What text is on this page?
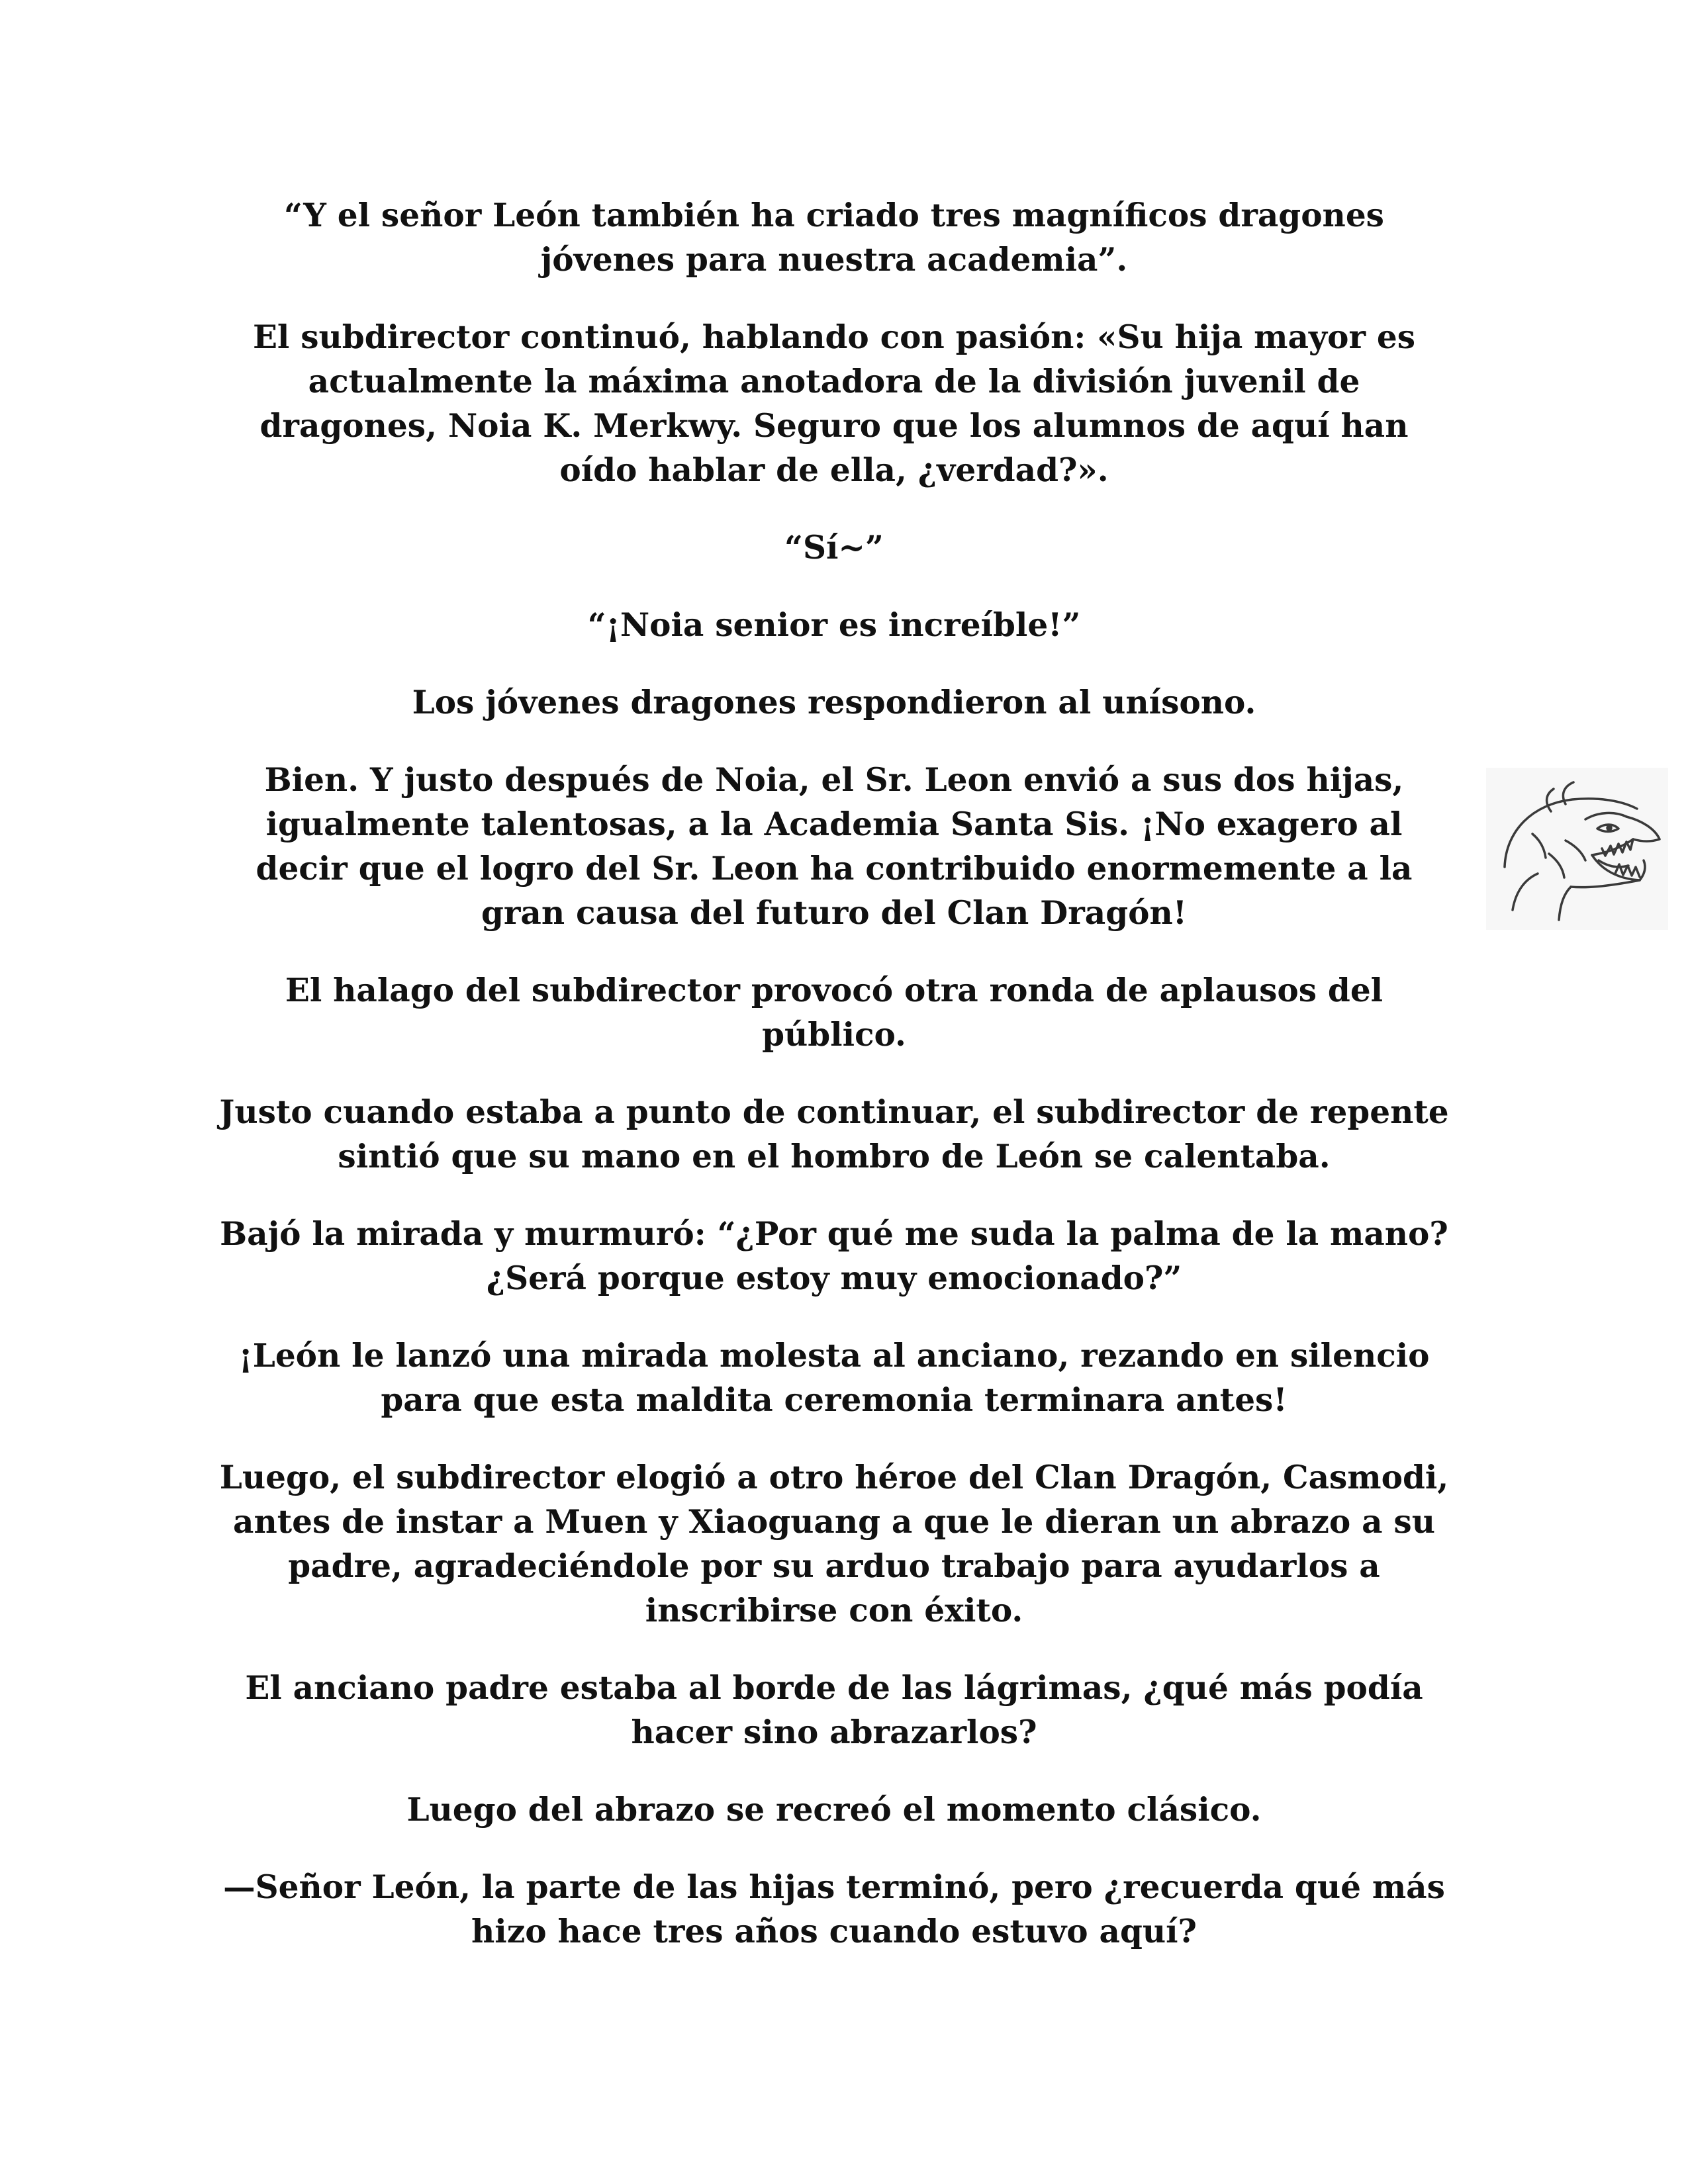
“Y el señor León también ha criado tres magníficos dragones jóvenes para nuestra academia”.

El subdirector continuó, hablando con pasión: «Su hija mayor es actualmente la máxima anotadora de la división juvenil de dragones, Noia K. Merkwy. Seguro que los alumnos de aquí han oído hablar de ella, ¿verdad?».

“Sí~”

“¡Noia senior es increíble!”

Los jóvenes dragones respondieron al unísono.

Bien. Y justo después de Noia, el Sr. Leon envió a sus dos hijas, igualmente talentosas, a la Academia Santa Sis. ¡No exagero al decir que el logro del Sr. Leon ha contribuido enormemente a la gran causa del futuro del Clan Dragón!

El halago del subdirector provocó otra ronda de aplausos del público.

Justo cuando estaba a punto de continuar, el subdirector de repente sintió que su mano en el hombro de León se calentaba.

Bajó la mirada y murmuró: “¿Por qué me suda la palma de la mano? ¿Será porque estoy muy emocionado?”

¡León le lanzó una mirada molesta al anciano, rezando en silencio para que esta maldita ceremonia terminara antes!

Luego, el subdirector elogió a otro héroe del Clan Dragón, Casmodi, antes de instar a Muen y Xiaoguang a que le dieran un abrazo a su padre, agradeciéndole por su arduo trabajo para ayudarlos a inscribirse con éxito.

El anciano padre estaba al borde de las lágrimas, ¿qué más podía hacer sino abrazarlos?

Luego del abrazo se recreó el momento clásico.

—Señor León, la parte de las hijas terminó, pero ¿recuerda qué más hizo hace tres años cuando estuvo aquí?
